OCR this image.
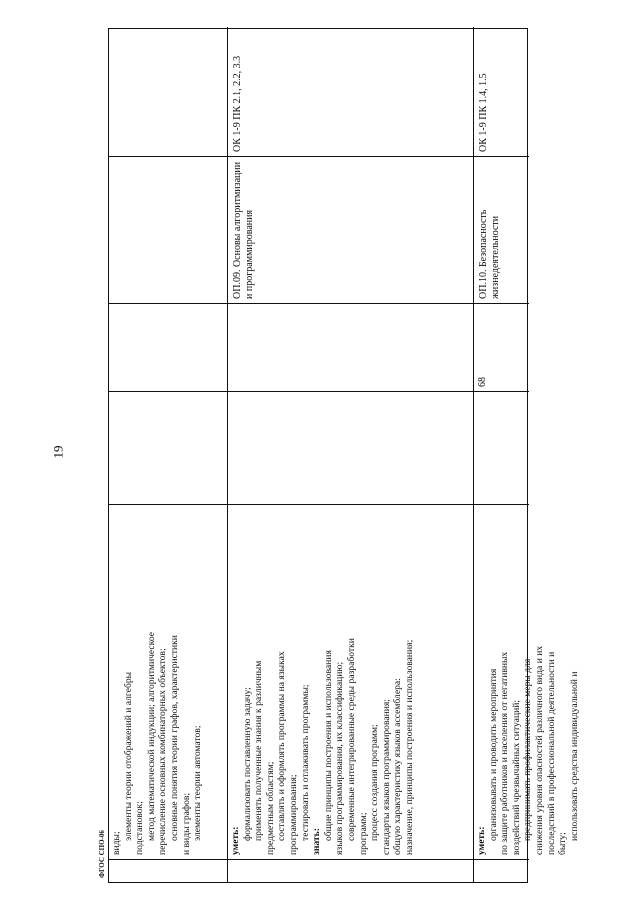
19
виды;
элементы теории отображений и алгебры подстановок; метод математической индукции; алгоритмическое перечисление основных комбинаторных объектов; основные понятия теории графов, характеристики и виды графов; элементы теории автоматов;	уметь: формализовать поставленную задачу; применять полученные знания к различным предметным областям; составлять и оформлять программы на языках программирования; тестировать и отлаживать программы;
знать:
общие принципы построения и использования языков программирования, их классификацию; современные интегрированные среды разработки программ; процесс создания программ; стандарты языков программирования; общую характеристику языков ассемблера: назначение, принципы построения и использования;
ОП.09. Основы алгоритмизации и программирования
ОК 1-9 ПК 2.1, 2.2, 3.3
уметь: организовывать и проводить мероприятия по защите работников и населения от негативных воздействий чрезвычайных ситуаций; предпринимать профилактические меры для снижения уровня опасностей различного вида и их последствий в профессиональной деятельности и быту;
использовать средства индивидуальной и
68
ОП.10. Безопасность жизнедеятельности
ОК 1-9 ПК 1.4, 1.5
ФГОС СПО-06
